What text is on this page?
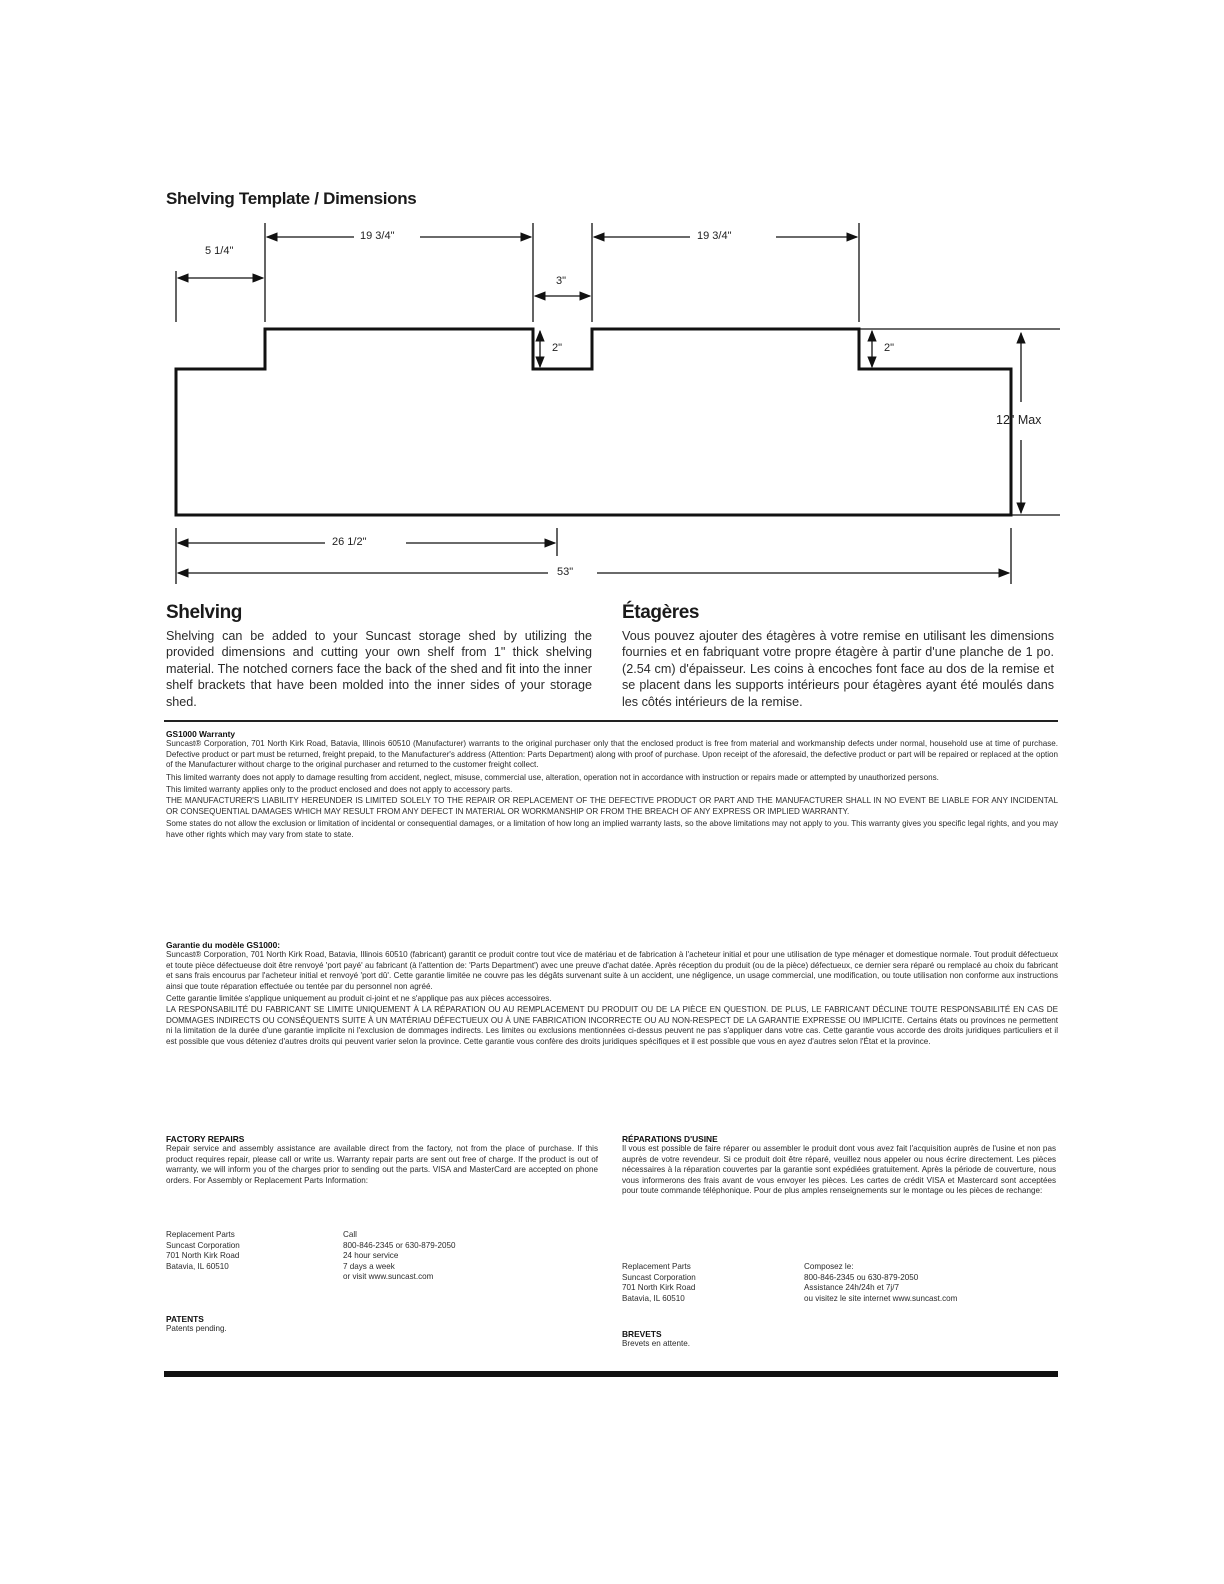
Shelving Template / Dimensions
5 1/4"
19 3/4"
3"
19 3/4"
2"	2"
12" Max
26 1/2"
53"
Shelving

Shelving can be added to your Suncast storage shed by utilizing the provided dimensions and cutting your own shelf from 1" thick shelving material. The notched corners face the back of the shed and fit into the inner shelf brackets that have been molded into the inner sides of your storage shed.

Étagères

Vous pouvez ajouter des étagères à votre remise en utilisant les dimensions fournies et en fabriquant votre propre étagère à partir d'une planche de 1 po. (2.54 cm) d'épaisseur. Les coins à encoches font face au dos de la remise et se placent dans les supports intérieurs pour étagères ayant été moulés dans les côtés intérieurs de la remise.

GS1000 Warranty

Suncast® Corporation, 701 North Kirk Road, Batavia, Illinois 60510 (Manufacturer) warrants to the original purchaser only that the enclosed product is free from material and workmanship defects under normal, household use at time of purchase. Defective product or part must be returned, freight prepaid, to the Manufacturer's address (Attention: Parts Department) along with proof of purchase. Upon receipt of the aforesaid, the defective product or part will be repaired or replaced at the option of the Manufacturer without charge to the original purchaser and returned to the customer freight collect.

This limited warranty does not apply to damage resulting from accident, neglect, misuse, commercial use, alteration, operation not in accordance with instruction or repairs made or attempted by unauthorized persons.

This limited warranty applies only to the product enclosed and does not apply to accessory parts.

THE MANUFACTURER'S LIABILITY HEREUNDER IS LIMITED SOLELY TO THE REPAIR OR REPLACEMENT OF THE DEFECTIVE PRODUCT OR PART AND THE MANUFACTURER SHALL IN NO EVENT BE LIABLE FOR ANY INCIDENTAL OR CONSEQUENTIAL DAMAGES WHICH MAY RESULT FROM ANY DEFECT IN MATERIAL OR WORKMANSHIP OR FROM THE BREACH OF ANY EXPRESS OR IMPLIED WARRANTY.

Some states do not allow the exclusion or limitation of incidental or consequential damages, or a limitation of how long an implied warranty lasts, so the above limitations may not apply to you. This warranty gives you specific legal rights, and you may have other rights which may vary from state to state.

Garantie du modèle GS1000:

Suncast® Corporation, 701 North Kirk Road, Batavia, Illinois 60510 (fabricant) garantit ce produit contre tout vice de matériau et de fabrication à l'acheteur initial et pour une utilisation de type ménager et domestique normale. Tout produit défectueux et toute pièce défectueuse doit être renvoyé 'port payé' au fabricant (à l'attention de: 'Parts Department') avec une preuve d'achat datée. Après réception du produit (ou de la pièce) défectueux, ce dernier sera réparé ou remplacé au choix du fabricant et sans frais encourus par l'acheteur initial et renvoyé 'port dû'. Cette garantie limitée ne couvre pas les dégâts survenant suite à un accident, une négligence, un usage commercial, une modification, ou toute utilisation non conforme aux instructions ainsi que toute réparation effectuée ou tentée par du personnel non agréé.

Cette garantie limitée s'applique uniquement au produit ci-joint et ne s'applique pas aux pièces accessoires.

LA RESPONSABILITÉ DU FABRICANT SE LIMITE UNIQUEMENT À LA RÉPARATION OU AU REMPLACEMENT DU PRODUIT OU DE LA PIÈCE EN QUESTION. DE PLUS, LE FABRICANT DÉCLINE TOUTE RESPONSABILITÉ EN CAS DE DOMMAGES INDIRECTS OU CONSÉQUENTS SUITE À UN MATÉRIAU DÉFECTUEUX OU À UNE FABRICATION INCORRECTE OU AU NON-RESPECT DE LA GARANTIE EXPRESSE OU IMPLICITE. Certains états ou provinces ne permettent ni la limitation de la durée d'une garantie implicite ni l'exclusion de dommages indirects. Les limites ou exclusions mentionnées ci-dessus peuvent ne pas s'appliquer dans votre cas. Cette garantie vous accorde des droits juridiques particuliers et il est possible que vous déteniez d'autres droits qui peuvent varier selon la province. Cette garantie vous confère des droits juridiques spécifiques et il est possible que vous en ayez d'autres selon l'État et la province.

FACTORY REPAIRS

Repair service and assembly assistance are available direct from the factory, not from the place of purchase. If this product requires repair, please call or write us. Warranty repair parts are sent out free of charge. If the product is out of warranty, we will inform you of the charges prior to sending out the parts. VISA and MasterCard are accepted on phone orders. For Assembly or Replacement Parts Information:

Replacement Parts
Suncast Corporation
701 North Kirk Road
Batavia, IL 60510
Call
800-846-2345 or 630-879-2050
24 hour service
7 days a week
or visit www.suncast.com
PATENTS
Patents pending.
RÉPARATIONS D'USINE

Il vous est possible de faire réparer ou assembler le produit dont vous avez fait l'acquisition auprès de l'usine et non pas auprès de votre revendeur. Si ce produit doit être réparé, veuillez nous appeler ou nous écrire directement. Les pièces nécessaires à la réparation couvertes par la garantie sont expédiées gratuitement. Après la période de couverture, nous vous informerons des frais avant de vous envoyer les pièces. Les cartes de crédit VISA et Mastercard sont acceptées pour toute commande téléphonique. Pour de plus amples renseignements sur le montage ou les pièces de rechange:

Replacement Parts
Suncast Corporation
701 North Kirk Road
Batavia, IL 60510
Composez le:
800-846-2345 ou 630-879-2050
Assistance 24h/24h et 7j/7
ou visitez le site internet www.suncast.com
BREVETS
Brevets en attente.
